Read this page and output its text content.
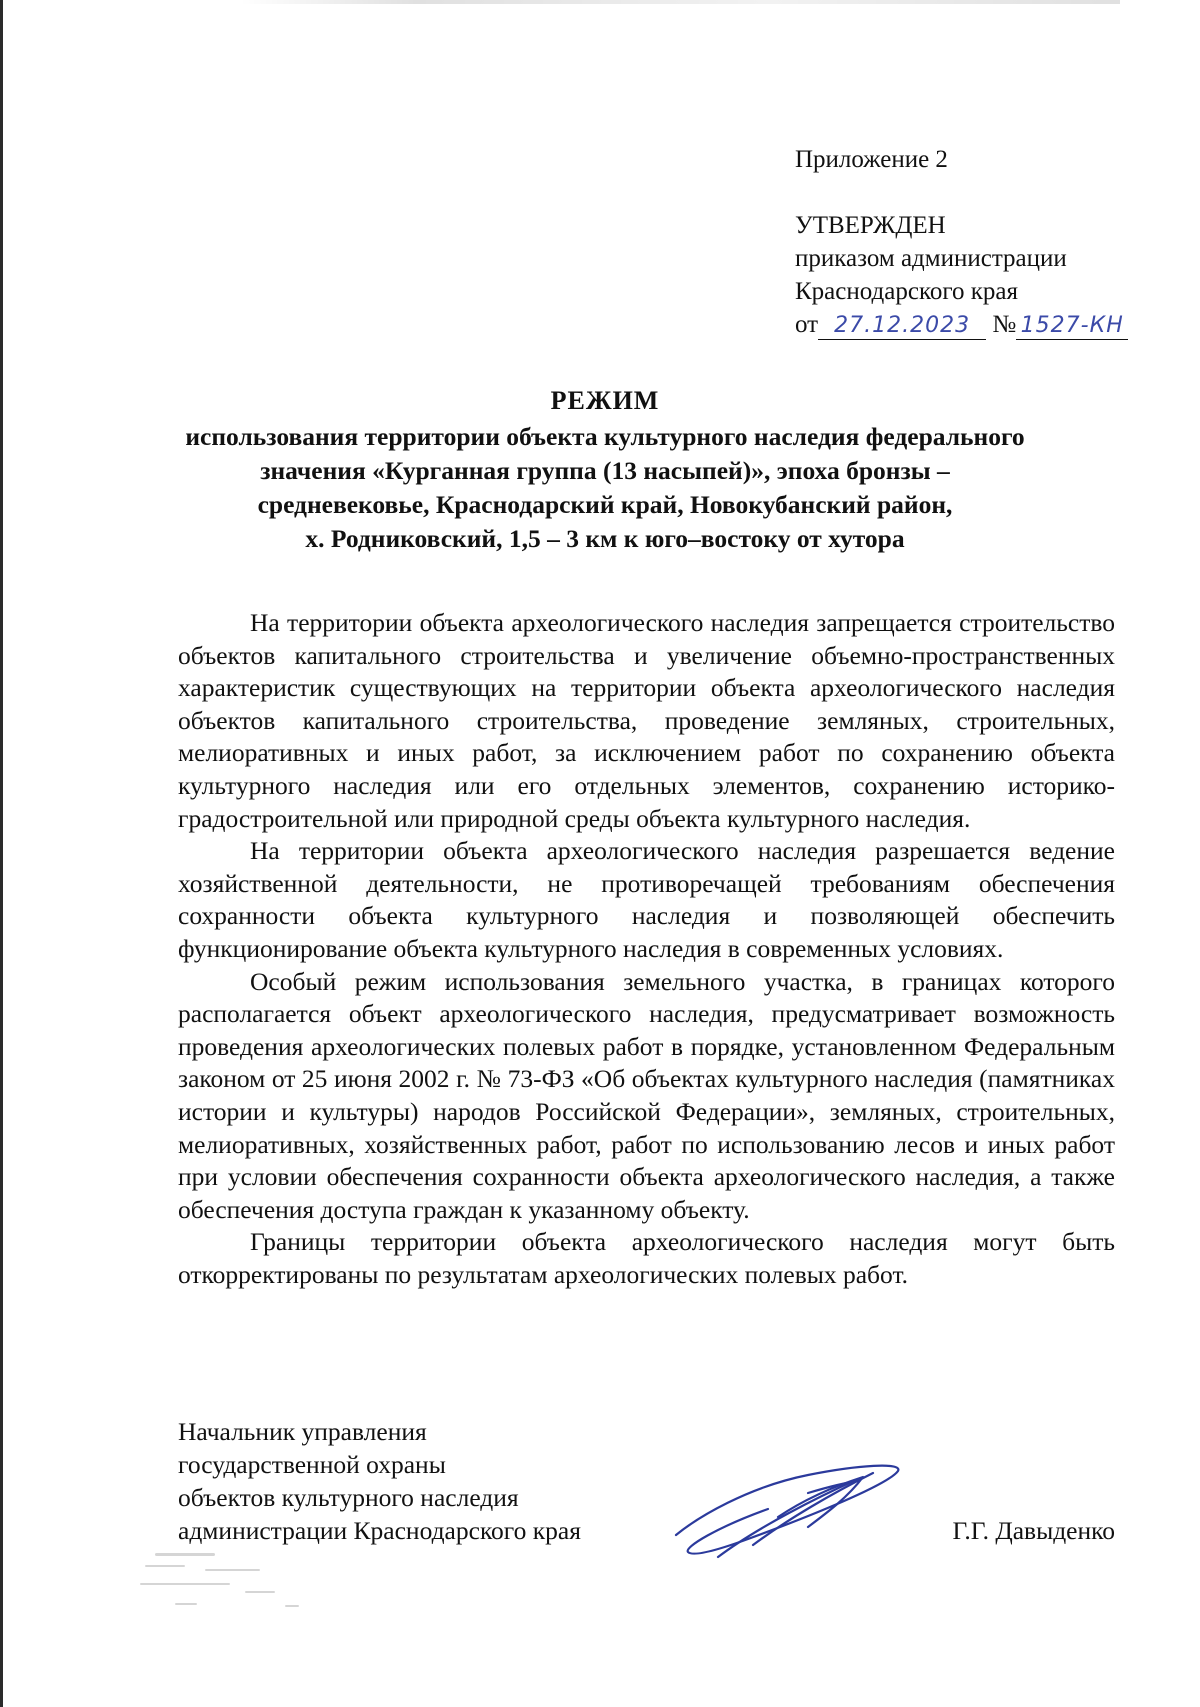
Приложение 2
УТВЕРЖДЕН
приказом администрации
Краснодарского края
от 27.12.2023 № 1527-КН
РЕЖИМ
использования территории объекта культурного наследия федерального
значения «Курганная группа (13 насыпей)», эпоха бронзы –
средневековье, Краснодарский край, Новокубанский район,
х. Родниковский, 1,5 – 3 км к юго–востоку от хутора

На территории объекта археологического наследия запрещается строительство объектов капитального строительства и увеличение объемно-пространственных характеристик существующих на территории объекта археологического наследия объектов капитального строительства, проведение земляных, строительных, мелиоративных и иных работ, за исключением работ по сохранению объекта культурного наследия или его отдельных элементов, сохранению историко-градостроительной или природной среды объекта культурного наследия.

На территории объекта археологического наследия разрешается ведение хозяйственной деятельности, не противоречащей требованиям обеспечения сохранности объекта культурного наследия и позволяющей обеспечить функционирование объекта культурного наследия в современных условиях.

Особый режим использования земельного участка, в границах которого располагается объект археологического наследия, предусматривает возможность проведения археологических полевых работ в порядке, установленном Федеральным законом от 25 июня 2002 г. № 73-ФЗ «Об объектах культурного наследия (памятниках истории и культуры) народов Российской Федерации», земляных, строительных, мелиоративных, хозяйственных работ, работ по использованию лесов и иных работ при условии обеспечения сохранности объекта археологического наследия, а также обеспечения доступа граждан к указанному объекту.

Границы территории объекта археологического наследия могут быть откорректированы по результатам археологических полевых работ.

Начальник управления
государственной охраны
объектов культурного наследия
администрации Краснодарского края	Г.Г. Давыденко
